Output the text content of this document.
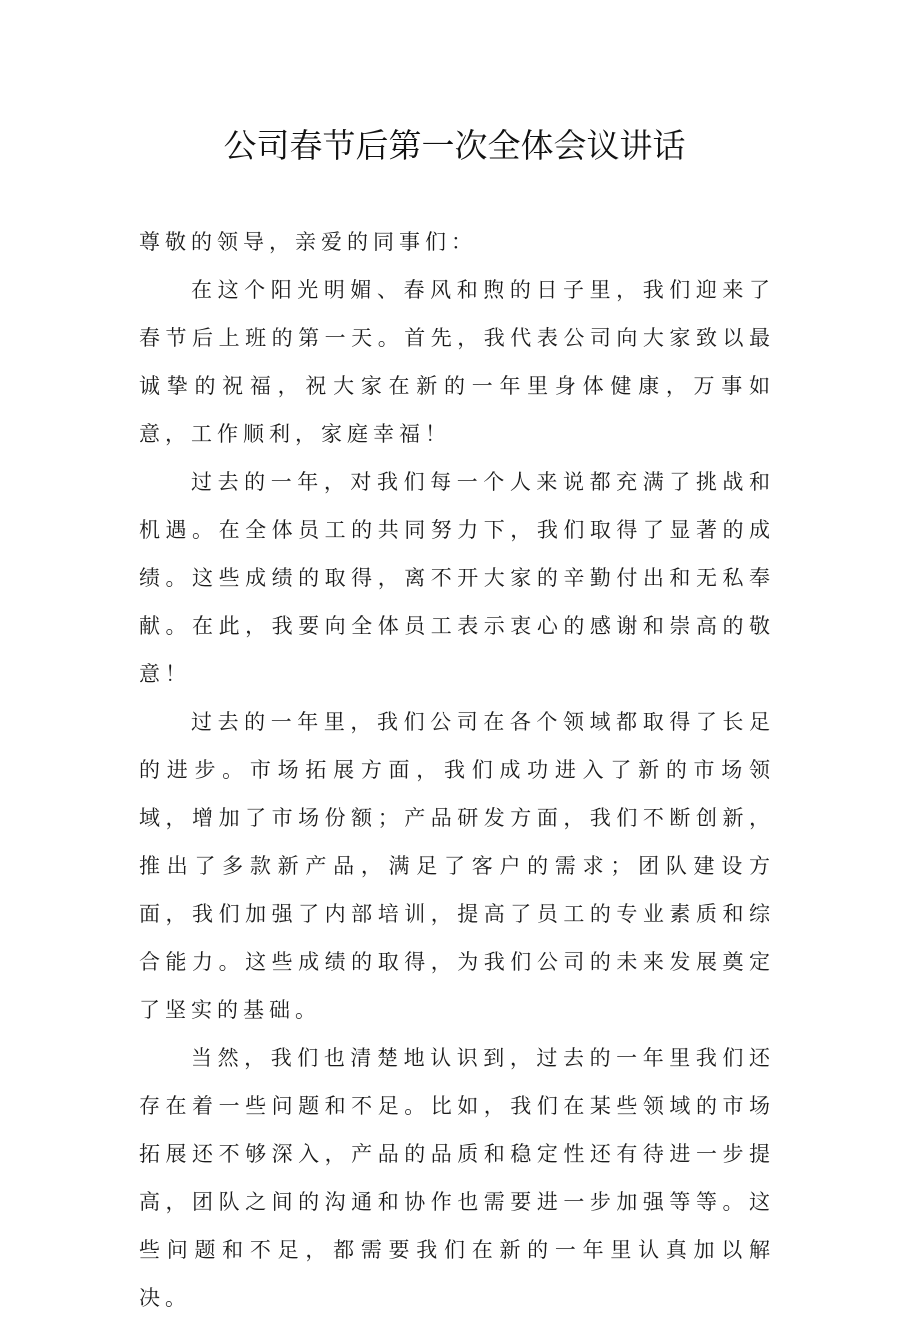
公司春节后第一次全体会议讲话

尊敬的领导，亲爱的同事们：

在这个阳光明媚、春风和煦的日子里，我们迎来了春节后上班的第一天。首先，我代表公司向大家致以最诚挚的祝福，祝大家在新的一年里身体健康，万事如意，工作顺利，家庭幸福！

过去的一年，对我们每一个人来说都充满了挑战和机遇。在全体员工的共同努力下，我们取得了显著的成绩。这些成绩的取得，离不开大家的辛勤付出和无私奉献。在此，我要向全体员工表示衷心的感谢和崇高的敬意！

过去的一年里，我们公司在各个领域都取得了长足的进步。市场拓展方面，我们成功进入了新的市场领域，增加了市场份额；产品研发方面，我们不断创新，推出了多款新产品，满足了客户的需求；团队建设方面，我们加强了内部培训，提高了员工的专业素质和综合能力。这些成绩的取得，为我们公司的未来发展奠定了坚实的基础。

当然，我们也清楚地认识到，过去的一年里我们还存在着一些问题和不足。比如，我们在某些领域的市场拓展还不够深入，产品的品质和稳定性还有待进一步提高，团队之间的沟通和协作也需要进一步加强等等。这些问题和不足，都需要我们在新的一年里认真加以解决。
